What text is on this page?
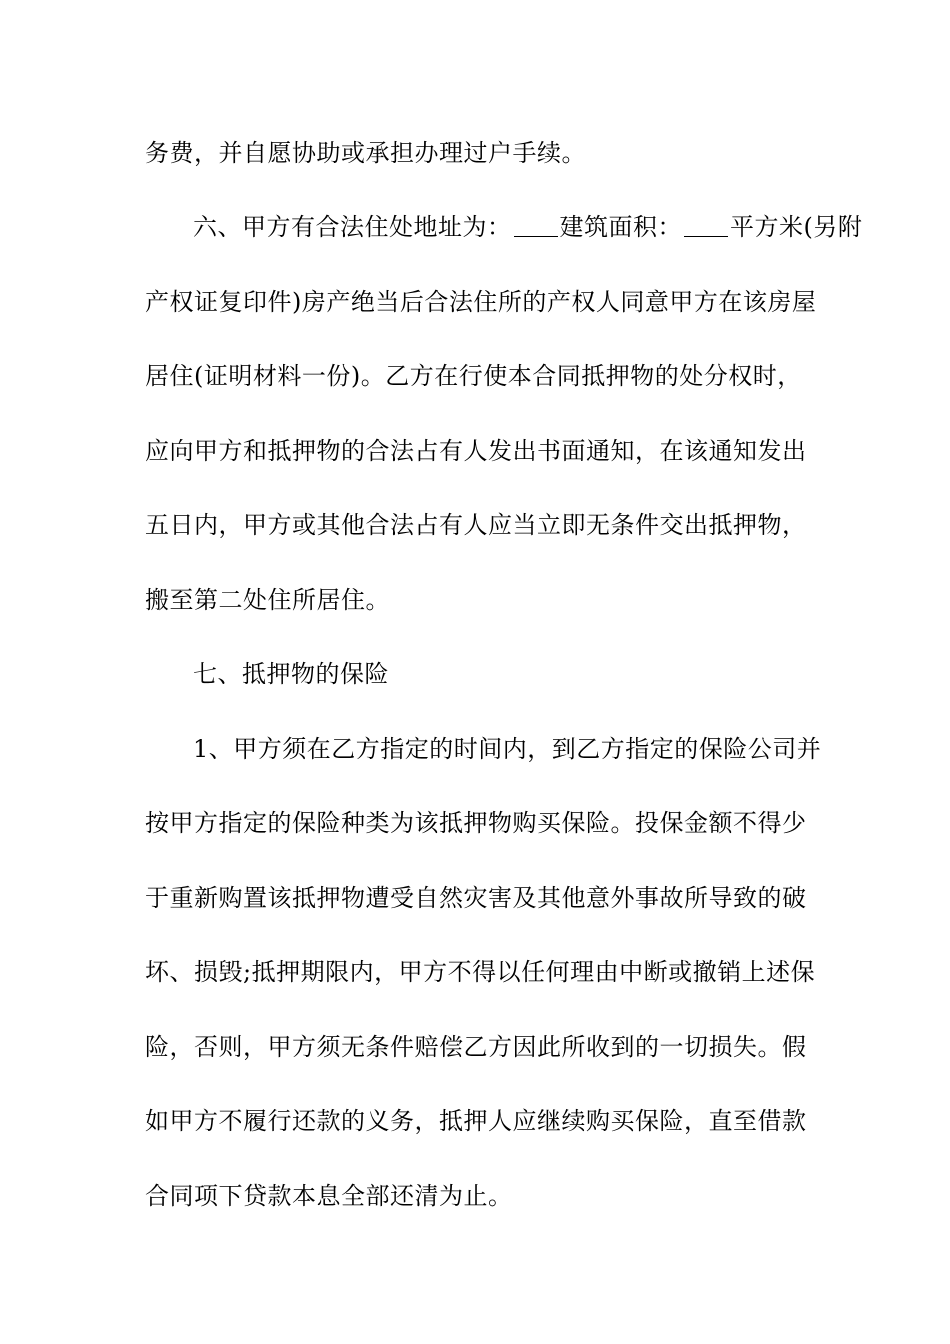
务费，并自愿协助或承担办理过户手续。
六、甲方有合法住处地址为： 建筑面积： 平方米(另附
产权证复印件)房产绝当后合法住所的产权人同意甲方在该房屋
居住(证明材料一份)。乙方在行使本合同抵押物的处分权时，
应向甲方和抵押物的合法占有人发出书面通知，在该通知发出
五日内，甲方或其他合法占有人应当立即无条件交出抵押物，
搬至第二处住所居住。
七、抵押物的保险
1、甲方须在乙方指定的时间内，到乙方指定的保险公司并
按甲方指定的保险种类为该抵押物购买保险。投保金额不得少
于重新购置该抵押物遭受自然灾害及其他意外事故所导致的破
坏、损毁;抵押期限内，甲方不得以任何理由中断或撤销上述保
险，否则，甲方须无条件赔偿乙方因此所收到的一切损失。假
如甲方不履行还款的义务，抵押人应继续购买保险，直至借款
合同项下贷款本息全部还清为止。
